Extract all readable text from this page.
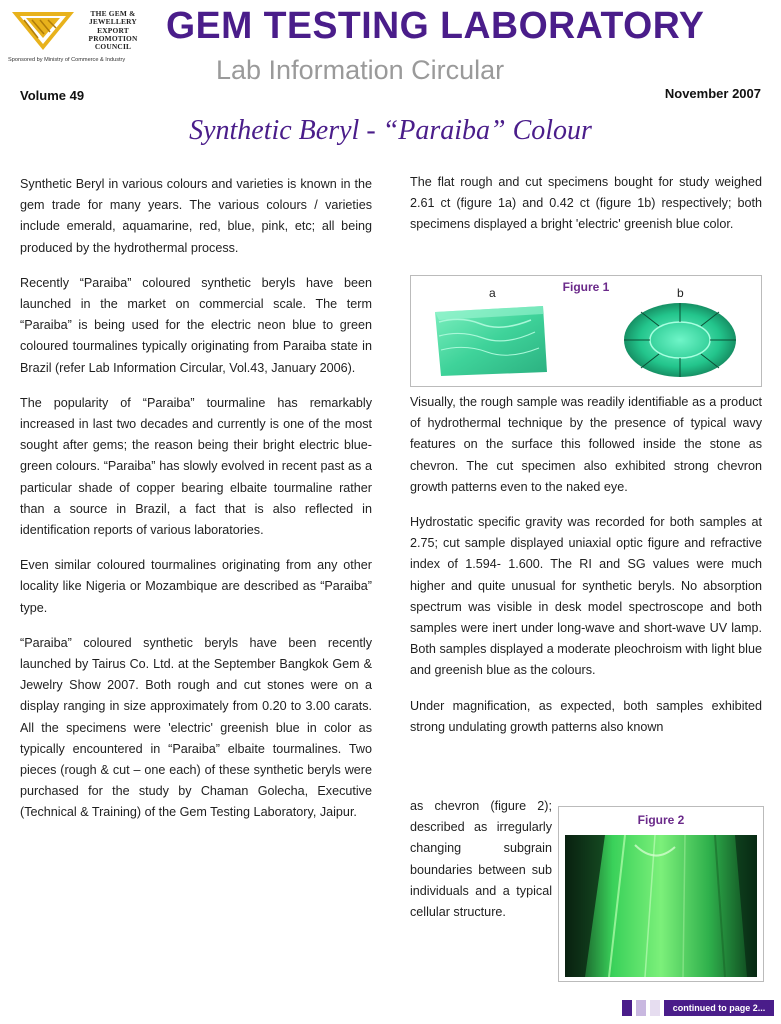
THE GEM &
JEWELLERY
EXPORT
PROMOTION
COUNCIL
Sponsored by Ministry of Commerce & Industry
GEM TESTING LABORATORY
Lab Information Circular
Volume 49	November 2007
Synthetic Beryl - “Paraiba” Colour

Synthetic Beryl in various colours and varieties is known in the gem trade for many years. The various colours / varieties include emerald, aquamarine, red, blue, pink, etc; all being produced by the hydrothermal process.

Recently “Paraiba” coloured synthetic beryls have been launched in the market on commercial scale. The term “Paraiba” is being used for the electric neon blue to green coloured tourmalines typically originating from Paraiba state in Brazil (refer Lab Information Circular, Vol.43, January 2006).

The popularity of “Paraiba” tourmaline has remarkably increased in last two decades and currently is one of the most sought after gems; the reason being their bright electric blue- green colours. “Paraiba” has slowly evolved in recent past as a particular shade of copper bearing elbaite tourmaline rather than a source in Brazil, a fact that is also reflected in identification reports of various laboratories.

Even similar coloured tourmalines originating from any other locality like Nigeria or Mozambique are described as “Paraiba” type.

“Paraiba” coloured synthetic beryls have been recently launched by Tairus Co. Ltd. at the September Bangkok Gem & Jewelry Show 2007. Both rough and cut stones were on a display ranging in size approximately from 0.20 to 3.00 carats. All the specimens were 'electric' greenish blue in color as typically encountered in “Paraiba” elbaite tourmalines. Two pieces (rough & cut – one each) of these synthetic beryls were purchased for the study by Chaman Golecha, Executive (Technical & Training) of the Gem Testing Laboratory, Jaipur.

The flat rough and cut specimens bought for study weighed 2.61 ct (figure 1a) and 0.42 ct (figure 1b) respectively; both specimens displayed a bright 'electric' greenish blue color.

Figure 1
a	b

Visually, the rough sample was readily identifiable as a product of hydrothermal technique by the presence of typical wavy features on the surface this followed inside the stone as chevron. The cut specimen also exhibited strong chevron growth patterns even to the naked eye.

Hydrostatic specific gravity was recorded for both samples at 2.75; cut sample displayed uniaxial optic figure and refractive index of 1.594- 1.600. The RI and SG values were much higher and quite unusual for synthetic beryls. No absorption spectrum was visible in desk model spectroscope and both samples were inert under long-wave and short-wave UV lamp. Both samples displayed a moderate pleochroism with light blue and greenish blue as the colours.

Under magnification, as expected, both samples exhibited strong undulating growth patterns also known

as chevron (figure 2); described as irregularly changing subgrain boundaries between sub individuals and a typical cellular structure.
Figure 2
continued to page 2...
